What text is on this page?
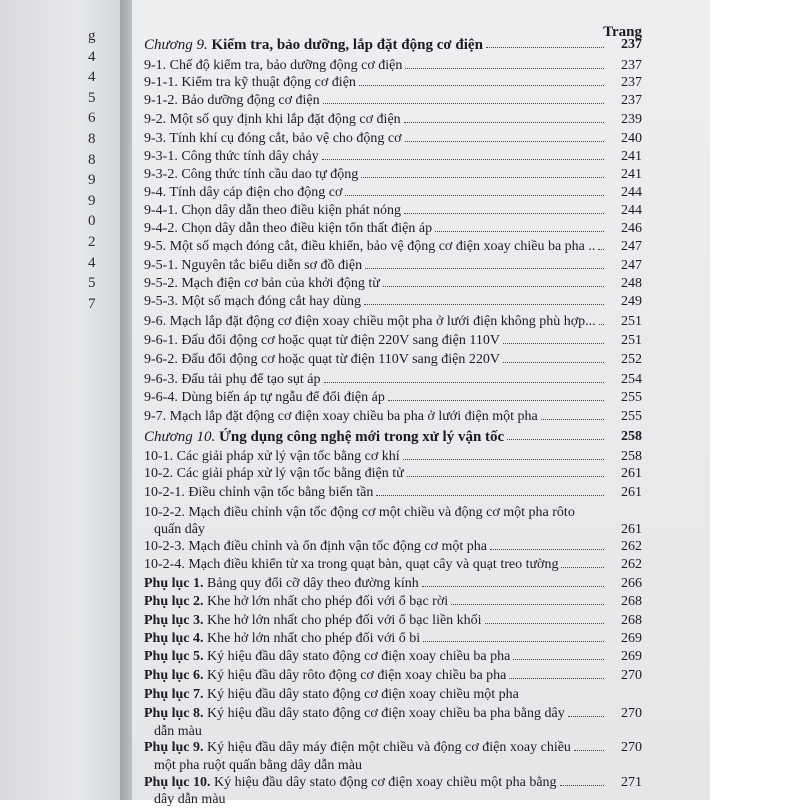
g
4
4
5
6
8
8
9
9
0
2
4
5
7
Trang
Chương 9. Kiểm tra, bảo dưỡng, lắp đặt động cơ điện	237
9-1. Chế độ kiểm tra, bảo dưỡng động cơ điện	237
9-1-1. Kiểm tra kỹ thuật động cơ điện	237
9-1-2. Bảo dưỡng động cơ điện	237
9-2. Một số quy định khi lắp đặt động cơ điện	239
9-3. Tính khí cụ đóng cắt, bảo vệ cho động cơ	240
9-3-1. Công thức tính dây chảy	241
9-3-2. Công thức tính cầu dao tự động	241
9-4. Tính dây cáp điện cho động cơ	244
9-4-1. Chọn dây dẫn theo điều kiện phát nóng	244
9-4-2. Chọn dây dẫn theo điều kiện tổn thất điện áp	246
9-5. Một số mạch đóng cắt, điều khiển, bảo vệ động cơ điện xoay chiều ba pha .. 247
9-5-1. Nguyên tắc biểu diễn sơ đồ điện	247
9-5-2. Mạch điện cơ bản của khởi động từ	248
9-5-3. Một số mạch đóng cắt hay dùng	249
9-6. Mạch lắp đặt động cơ điện xoay chiều một pha ở lưới điện không phù hợp... 251
9-6-1. Đấu đổi động cơ hoặc quạt từ điện 220V sang điện 110V	251
9-6-2. Đấu đổi động cơ hoặc quạt từ điện 110V sang điện 220V	252
9-6-3. Đấu tải phụ để tạo sụt áp	254
9-6-4. Dùng biến áp tự ngẫu để đổi điện áp	255
9-7. Mạch lắp đặt động cơ điện xoay chiều ba pha ở lưới điện một pha	255
Chương 10. Ứng dụng công nghệ mới trong xử lý vận tốc	258
10-1. Các giải pháp xử lý vận tốc bằng cơ khí	258
10-2. Các giải pháp xử lý vận tốc bằng điện tử	261
10-2-1. Điều chỉnh vận tốc bằng biến tần	261
10-2-2. Mạch điều chỉnh vận tốc động cơ một chiều và động cơ một pha rôto
quấn dây	261
10-2-3. Mạch điều chỉnh và ổn định vận tốc động cơ một pha	262
10-2-4. Mạch điều khiển từ xa trong quạt bàn, quạt cây và quạt treo tường	262
Phụ lục 1. Bảng quy đổi cỡ dây theo đường kính	266
Phụ lục 2. Khe hở lớn nhất cho phép đối với ổ bạc rời	268
Phụ lục 3. Khe hở lớn nhất cho phép đối với ổ bạc liền khối	268
Phụ lục 4. Khe hở lớn nhất cho phép đối với ổ bi	269
Phụ lục 5. Ký hiệu đầu dây stato động cơ điện xoay chiều ba pha	269
Phụ lục 6. Ký hiệu đầu dây rôto động cơ điện xoay chiều ba pha	270
Phụ lục 7. Ký hiệu đầu dây stato động cơ điện xoay chiều một pha
Phụ lục 8. Ký hiệu đầu dây stato động cơ điện xoay chiều ba pha bằng dây	270
dẫn màu
Phụ lục 9. Ký hiệu đầu dây máy điện một chiều và động cơ điện xoay chiều	270
một pha ruột quấn bằng dây dẫn màu
Phụ lục 10. Ký hiệu đầu dây stato động cơ điện xoay chiều một pha bằng	271
dây dẫn màu
